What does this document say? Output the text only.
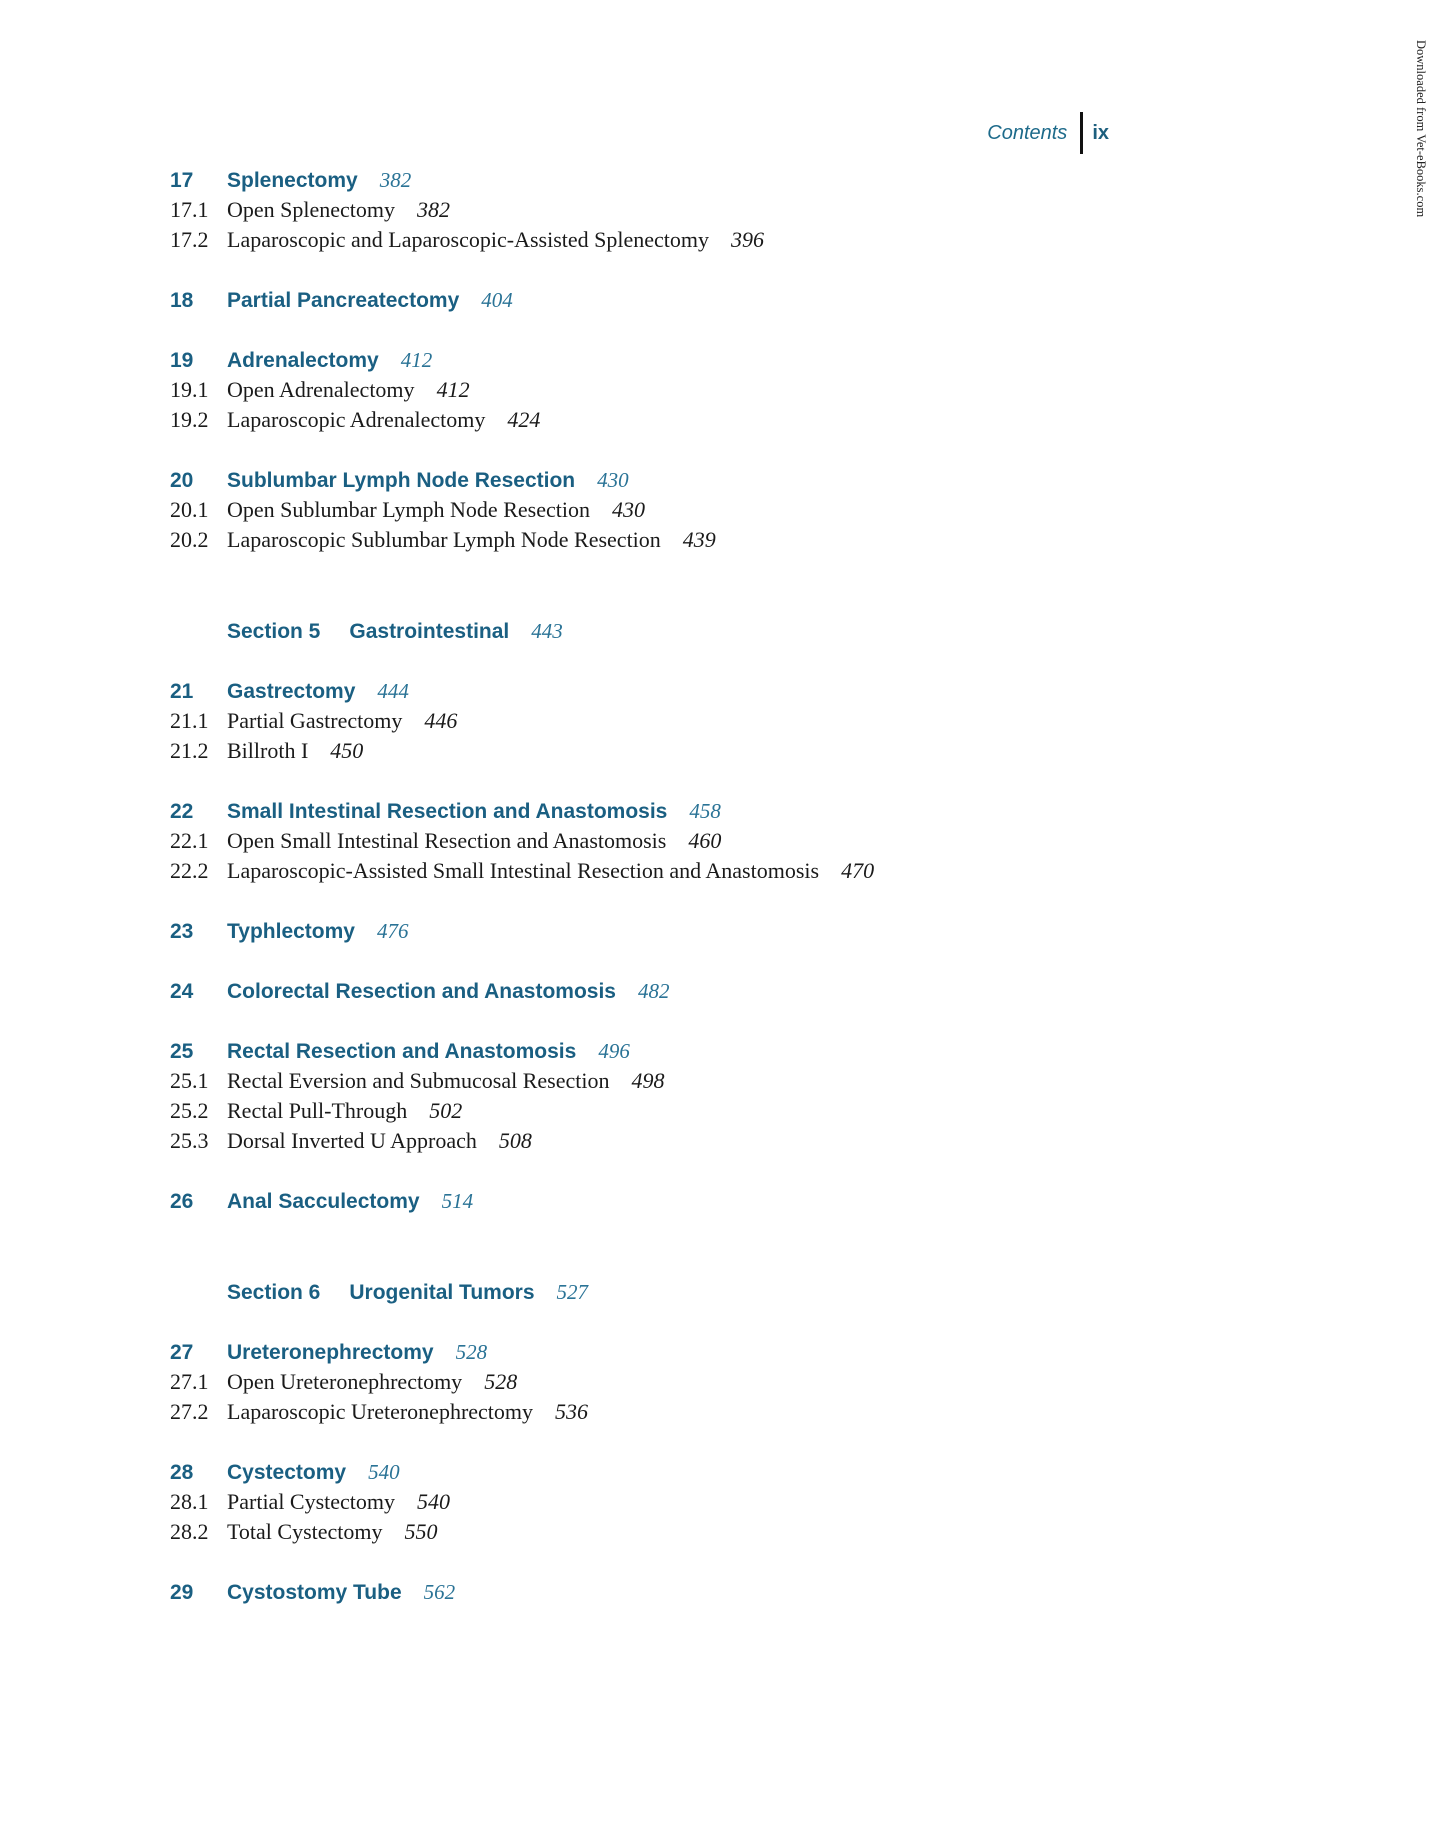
Contents ix	Downloaded from Vet-eBooks.com
17	Splenectomy 382
17.1 Open Splenectomy 382
17.2 Laparoscopic and Laparoscopic-Assisted Splenectomy 396
18	Partial Pancreatectomy 404
19	Adrenalectomy 412
19.1 Open Adrenalectomy 412
19.2 Laparoscopic Adrenalectomy 424
20	Sublumbar Lymph Node Resection 430
20.1 Open Sublumbar Lymph Node Resection 430
20.2 Laparoscopic Sublumbar Lymph Node Resection 439
Section 5 Gastrointestinal 443
21	Gastrectomy 444
21.1 Partial Gastrectomy 446
21.2 Billroth I 450
22	Small Intestinal Resection and Anastomosis 458
22.1 Open Small Intestinal Resection and Anastomosis 460
22.2 Laparoscopic-Assisted Small Intestinal Resection and Anastomosis 470
23	Typhlectomy 476
24	Colorectal Resection and Anastomosis 482
25	Rectal Resection and Anastomosis 496
25.1 Rectal Eversion and Submucosal Resection 498
25.2 Rectal Pull-Through 502
25.3 Dorsal Inverted U Approach 508
26	Anal Sacculectomy 514
Section 6 Urogenital Tumors 527
27	Ureteronephrectomy 528
27.1 Open Ureteronephrectomy 528
27.2 Laparoscopic Ureteronephrectomy 536
28	Cystectomy 540
28.1 Partial Cystectomy 540
28.2 Total Cystectomy 550
29	Cystostomy Tube 562
